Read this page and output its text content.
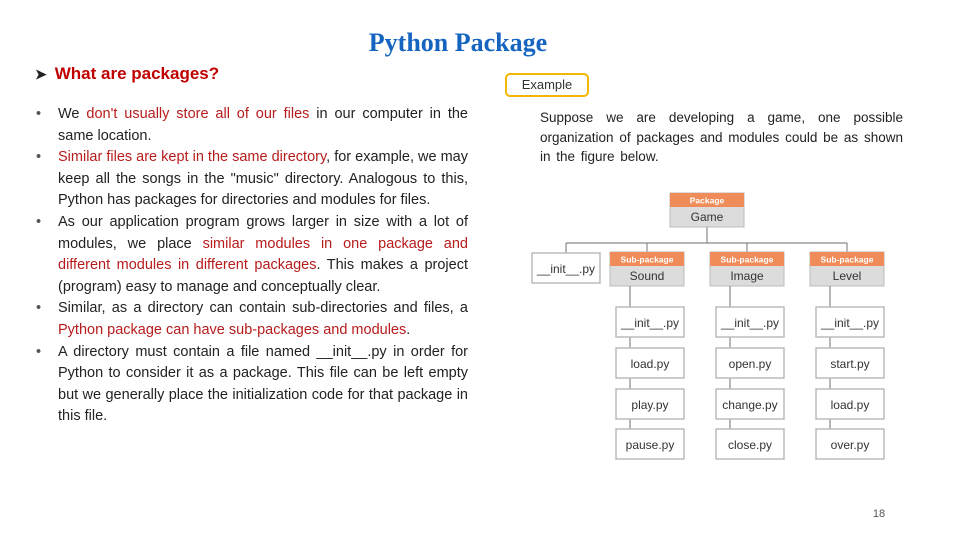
Python Package
➤ What are packages?
• We don't usually store all of our files in our computer in the same location.
• Similar files are kept in the same directory, for example, we may keep all the songs in the "music" directory. Analogous to this, Python has packages for directories and modules for files.
• As our application program grows larger in size with a lot of modules, we place similar modules in one package and different modules in different packages. This makes a project (program) easy to manage and conceptually clear.
• Similar, as a directory can contain sub-directories and files, a Python package can have sub-packages and modules.
• A directory must contain a file named __init__.py in order for Python to consider it as a package. This file can be left empty but we generally place the initialization code for that package in this file.
Example
Suppose we are developing a game, one possible organization of packages and modules could be as shown in the figure below.
Package
Game
__init__.py
Sub-package
Sound
__init__.py
load.py
play.py
pause.py
Sub-package
Image
__init__.py
open.py
change.py
close.py
Sub-package
Level
__init__.py
start.py
load.py
over.py
18
